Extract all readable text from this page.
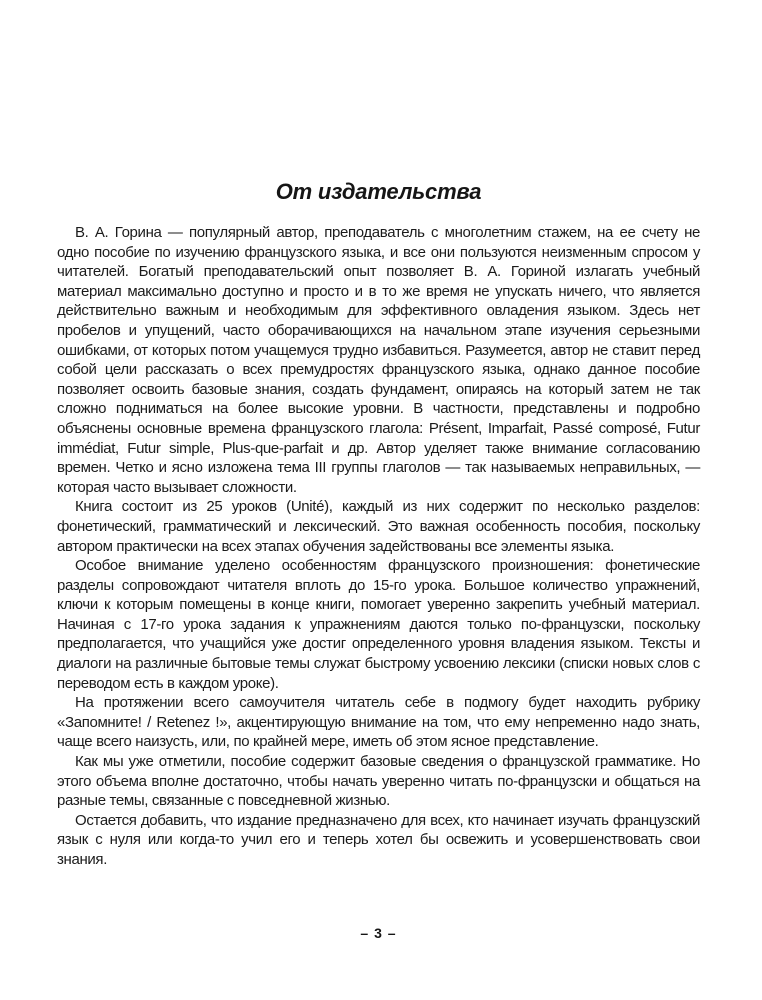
От издательства

В. А. Горина — популярный автор, преподаватель с многолетним стажем, на ее счету не одно пособие по изучению французского языка, и все они пользуются неизменным спросом у читателей. Богатый преподавательский опыт позволяет В. А. Гориной излагать учебный материал максимально доступно и просто и в то же время не упускать ничего, что является действительно важным и необходимым для эффективного овладения языком. Здесь нет пробелов и упущений, часто оборачивающихся на начальном этапе изучения серьезными ошибками, от которых потом учащемуся трудно избавиться. Разумеется, автор не ставит перед собой цели рассказать о всех премудростях французского языка, однако данное пособие позволяет освоить базовые знания, создать фундамент, опираясь на который затем не так сложно подниматься на более высокие уровни. В частности, представлены и подробно объяснены основные времена французского глагола: Présent, Imparfait, Passé composé, Futur immédiat, Futur simple, Plus-que-parfait и др. Автор уделяет также внимание согласованию времен. Четко и ясно изложена тема III группы глаголов — так называемых неправильных, — которая часто вызывает сложности.

Книга состоит из 25 уроков (Unité), каждый из них содержит по несколько разделов: фонетический, грамматический и лексический. Это важная особенность пособия, поскольку автором практически на всех этапах обучения задействованы все элементы языка.

Особое внимание уделено особенностям французского произношения: фонетические разделы сопровождают читателя вплоть до 15-го урока. Большое количество упражнений, ключи к которым помещены в конце книги, помогает уверенно закрепить учебный материал. Начиная с 17-го урока задания к упражнениям даются только по-французски, поскольку предполагается, что учащийся уже достиг определенного уровня владения языком. Тексты и диалоги на различные бытовые темы служат быстрому усвоению лексики (списки новых слов с переводом есть в каждом уроке).

На протяжении всего самоучителя читатель себе в подмогу будет находить рубрику «Запомните! / Retenez !», акцентирующую внимание на том, что ему непременно надо знать, чаще всего наизусть, или, по крайней мере, иметь об этом ясное представление.

Как мы уже отметили, пособие содержит базовые сведения о французской грамматике. Но этого объема вполне достаточно, чтобы начать уверенно читать по-французски и общаться на разные темы, связанные с повседневной жизнью.

Остается добавить, что издание предназначено для всех, кто начинает изучать французский язык с нуля или когда-то учил его и теперь хотел бы освежить и усовершенствовать свои знания.

– 3 –
